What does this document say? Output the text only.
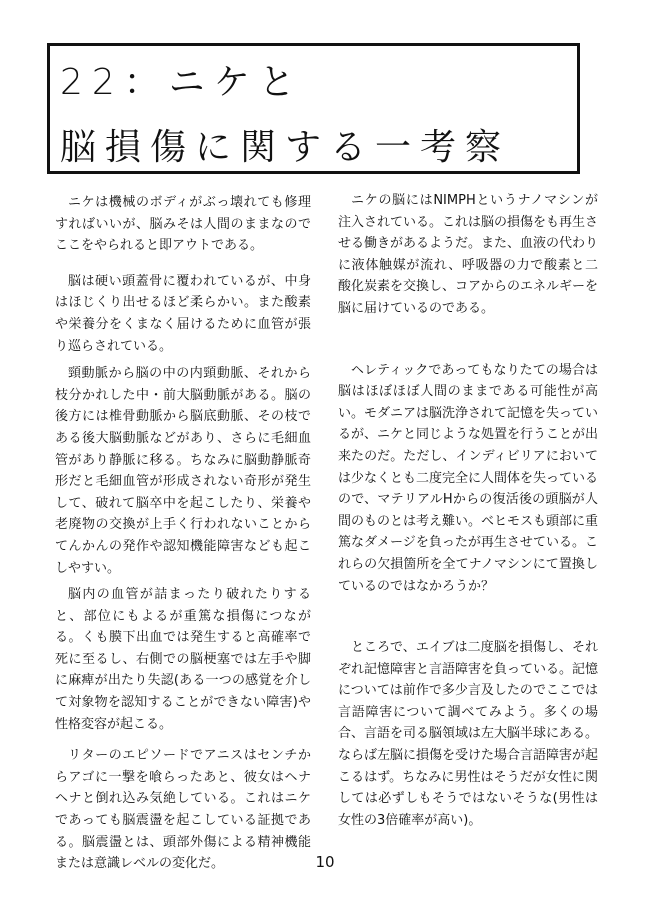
22：ニケと
脳損傷に関する一考察

ニケは機械のボディがぶっ壊れても修理すればいいが、脳みそは人間のままなのでここをやられると即アウトである。

脳は硬い頭蓋骨に覆われているが、中身はほじくり出せるほど柔らかい。また酸素や栄養分をくまなく届けるために血管が張り巡らされている。

頸動脈から脳の中の内頸動脈、それから枝分かれした中・前大脳動脈がある。脳の後方には椎骨動脈から脳底動脈、その枝である後大脳動脈などがあり、さらに毛細血管があり静脈に移る。ちなみに脳動静脈奇形だと毛細血管が形成されない奇形が発生して、破れて脳卒中を起こしたり、栄養や老廃物の交換が上手く行われないことからてんかんの発作や認知機能障害なども起こしやすい。

脳内の血管が詰まったり破れたりすると、部位にもよるが重篤な損傷につながる。くも膜下出血では発生すると高確率で死に至るし、右側での脳梗塞では左手や脚に麻痺が出たり失認(ある一つの感覚を介して対象物を認知することができない障害)や性格変容が起こる。

リターのエピソードでアニスはセンチからアゴに一撃を喰らったあと、彼女はヘナヘナと倒れ込み気絶している。これはニケであっても脳震盪を起こしている証拠である。脳震盪とは、頭部外傷による精神機能または意識レベルの変化だ。

ニケの脳にはNIMPHというナノマシンが注入されている。これは脳の損傷をも再生させる働きがあるようだ。また、血液の代わりに液体触媒が流れ、呼吸器の力で酸素と二酸化炭素を交換し、コアからのエネルギーを脳に届けているのである。

ヘレティックであってもなりたての場合は脳はほぼほぼ人間のままである可能性が高い。モダニアは脳洗浄されて記憶を失っているが、ニケと同じような処置を行うことが出来たのだ。ただし、インディビリアにおいては少なくとも二度完全に人間体を失っているので、マテリアルHからの復活後の頭脳が人間のものとは考え難い。ベヒモスも頭部に重篤なダメージを負ったが再生させている。これらの欠損箇所を全てナノマシンにて置換しているのではなかろうか？

ところで、エイブは二度脳を損傷し、それぞれ記憶障害と言語障害を負っている。記憶については前作で多少言及したのでここでは言語障害について調べてみよう。多くの場合、言語を司る脳領域は左大脳半球にある。ならば左脳に損傷を受けた場合言語障害が起こるはず。ちなみに男性はそうだが女性に関しては必ずしもそうではないそうな(男性は女性の3倍確率が高い)。

10
